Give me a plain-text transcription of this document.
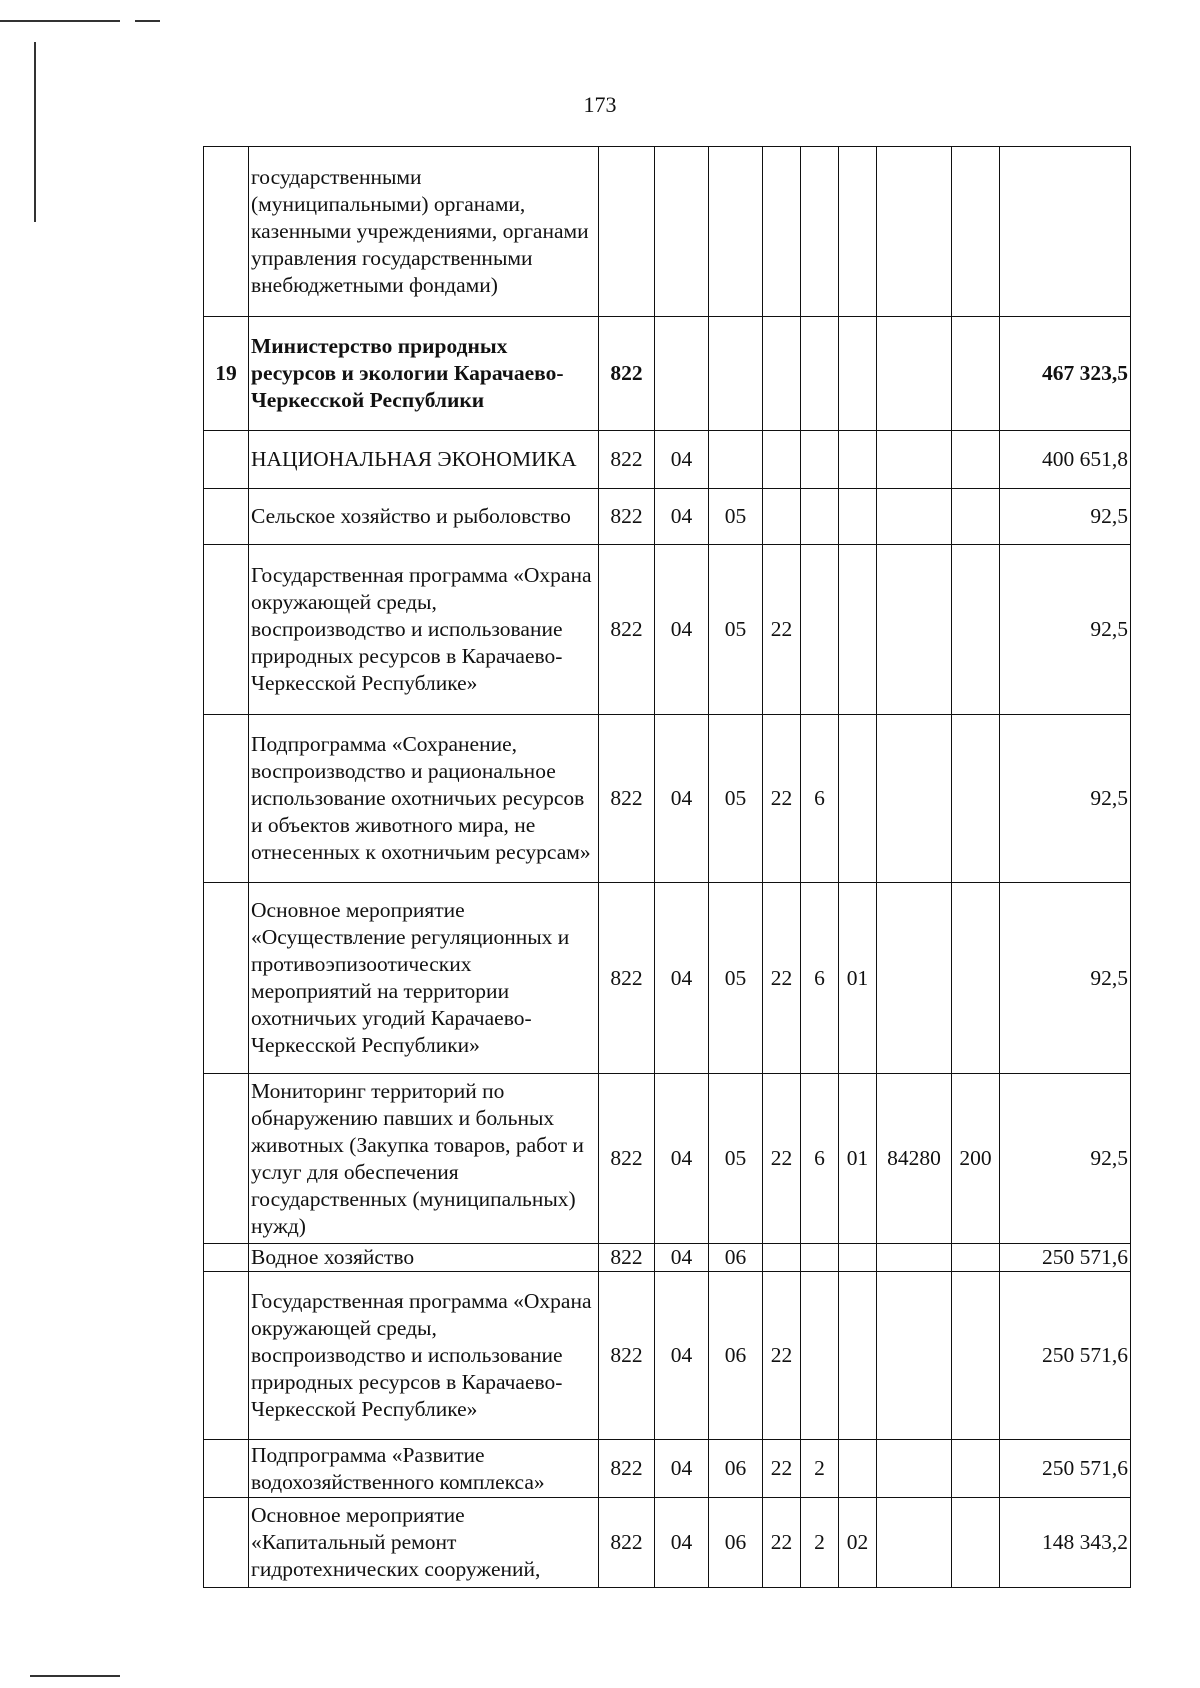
173
	государственными (муниципальными) органами, казенными учреждениями, органами управления государственными внебюджетными фондами)									
19	Министерство природных ресурсов и экологии Карачаево-Черкесской Республики	822								467 323,5
	НАЦИОНАЛЬНАЯ ЭКОНОМИКА	822	04							400 651,8
	Сельское хозяйство и рыболовство	822	04	05						92,5
	Государственная программа «Охрана окружающей среды, воспроизводство и использование природных ресурсов в Карачаево-Черкесской Республике»	822	04	05	22					92,5
	Подпрограмма «Сохранение, воспроизводство и рациональное использование охотничьих ресурсов и объектов животного мира, не отнесенных к охотничьим ресурсам»	822	04	05	22	6				92,5
	Основное мероприятие «Осуществление регуляционных и противоэпизоотических мероприятий на территории охотничьих угодий Карачаево-Черкесской Республики»	822	04	05	22	6	01			92,5
	Мониторинг территорий по обнаружению павших и больных животных (Закупка товаров, работ и услуг для обеспечения государственных (муниципальных) нужд)	822	04	05	22	6	01	84280	200	92,5
	Водное хозяйство	822	04	06						250 571,6
	Государственная программа «Охрана окружающей среды, воспроизводство и использование природных ресурсов в Карачаево-Черкесской Республике»	822	04	06	22					250 571,6
	Подпрограмма «Развитие водохозяйственного комплекса»	822	04	06	22	2				250 571,6
	Основное мероприятие «Капитальный ремонт гидротехнических сооружений,	822	04	06	22	2	02			148 343,2
